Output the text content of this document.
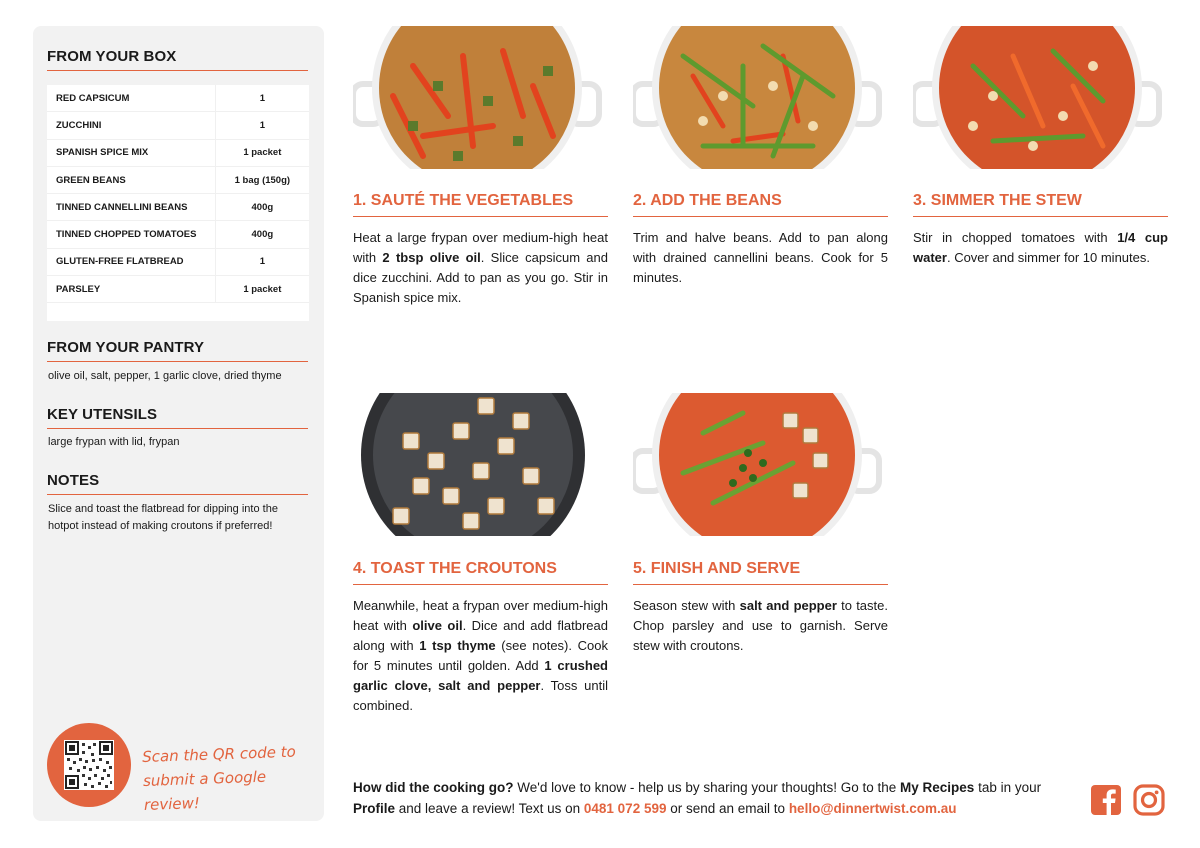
FROM YOUR BOX
RED CAPSICUM	1
ZUCCHINI	1
SPANISH SPICE MIX	1 packet
GREEN BEANS	1 bag (150g)
TINNED CANNELLINI BEANS	400g
TINNED CHOPPED TOMATOES	400g
GLUTEN-FREE FLATBREAD	1
PARSLEY	1 packet
FROM YOUR PANTRY
olive oil, salt, pepper, 1 garlic clove, dried thyme
KEY UTENSILS
large frypan with lid, frypan
NOTES
Slice and toast the flatbread for dipping into the hotpot instead of making croutons if preferred!
Scan the QR code to
submit a Google review!
1. SAUTÉ THE VEGETABLES
Heat a large frypan over medium-high heat with 2 tbsp olive oil. Slice capsicum and dice zucchini. Add to pan as you go. Stir in Spanish spice mix.
2. ADD THE BEANS
Trim and halve beans. Add to pan along with drained cannellini beans. Cook for 5 minutes.
3. SIMMER THE STEW
Stir in chopped tomatoes with 1/4 cup water. Cover and simmer for 10 minutes.
4. TOAST THE CROUTONS
Meanwhile, heat a frypan over medium-high heat with olive oil. Dice and add flatbread along with 1 tsp thyme (see notes). Cook for 5 minutes until golden. Add 1 crushed garlic clove, salt and pepper. Toss until combined.
5. FINISH AND SERVE
Season stew with salt and pepper to taste. Chop parsley and use to garnish. Serve stew with croutons.
How did the cooking go? We'd love to know - help us by sharing your thoughts! Go to the My Recipes tab in your Profile and leave a review! Text us on 0481 072 599 or send an email to hello@dinnertwist.com.au
